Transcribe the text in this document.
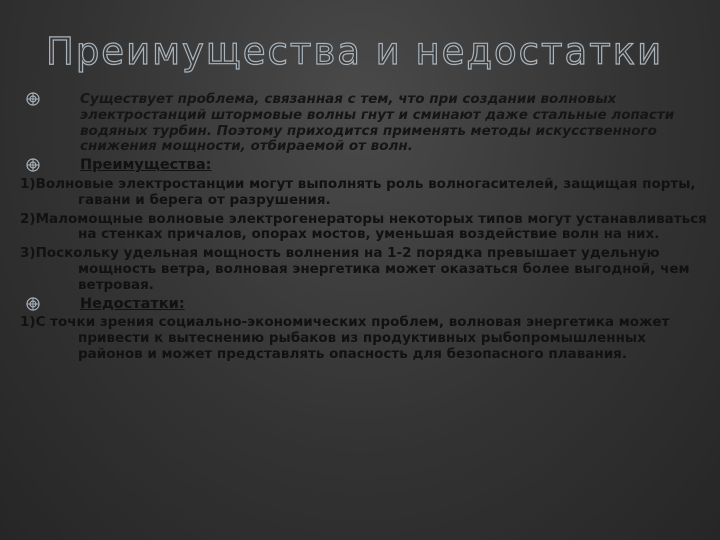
Преимущества и недостатки
Существует проблема, связанная с тем, что при создании волновых электростанций штормовые волны гнут и сминают даже стальные лопасти водяных турбин. Поэтому приходится применять методы искусственного снижения мощности, отбираемой от волн.
Преимущества:
1)Волновые электростанции могут выполнять роль волногасителей, защищая порты, гавани и берега от разрушения.
2)Маломощные волновые электрогенераторы некоторых типов могут устанавливаться на стенках причалов, опорах мостов, уменьшая воздействие волн на них.
3)Поскольку удельная мощность волнения на 1-2 порядка превышает удельную мощность ветра, волновая энергетика может оказаться более выгодной, чем ветровая.
Недостатки:
1)С точки зрения социально-экономических проблем, волновая энергетика может привести к вытеснению рыбаков из продуктивных рыбопромышленных районов и может представлять опасность для безопасного плавания.
